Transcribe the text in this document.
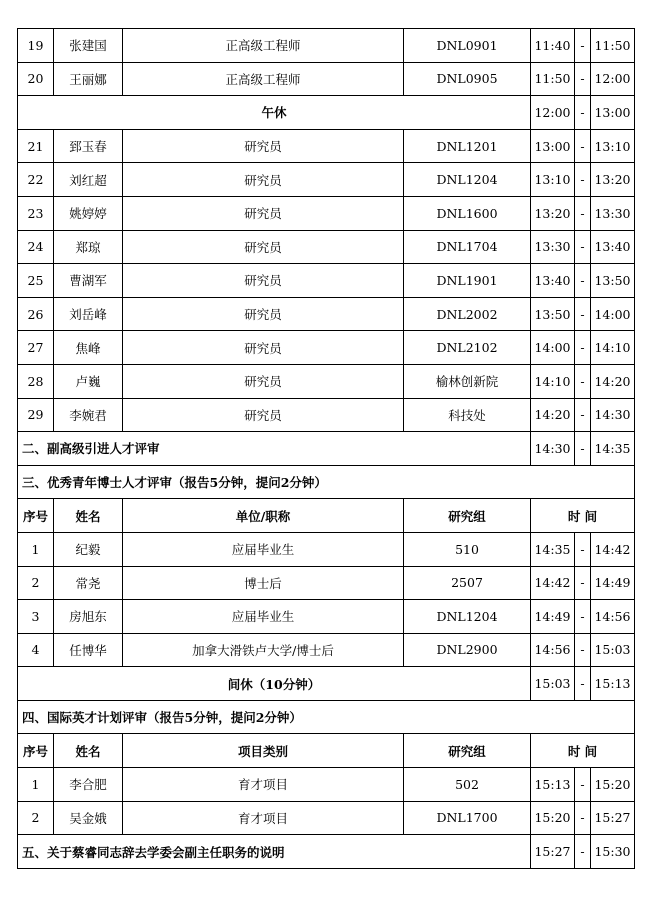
19	张建国	正高级工程师	DNL0901	11:40	-	11:50
20	王丽娜	正高级工程师	DNL0905	11:50	-	12:00
午休				12:00	-	13:00
21	郅玉春	研究员	DNL1201	13:00	-	13:10
22	刘红超	研究员	DNL1204	13:10	-	13:20
23	姚婷婷	研究员	DNL1600	13:20	-	13:30
24	郑琼	研究员	DNL1704	13:30	-	13:40
25	曹湖军	研究员	DNL1901	13:40	-	13:50
26	刘岳峰	研究员	DNL2002	13:50	-	14:00
27	焦峰	研究员	DNL2102	14:00	-	14:10
28	卢巍	研究员	榆林创新院	14:10	-	14:20
29	李婉君	研究员	科技处	14:20	-	14:30
二、副高级引进人才评审				14:30	-	14:35
三、优秀青年博士人才评审（报告5分钟，提问2分钟）						
序号	姓名	单位/职称	研究组	时 间		
1	纪毅	应届毕业生	510	14:35	-	14:42
2	常尧	博士后	2507	14:42	-	14:49
3	房旭东	应届毕业生	DNL1204	14:49	-	14:56
4	任博华	加拿大滑铁卢大学/博士后	DNL2900	14:56	-	15:03
间休（10分钟）				15:03	-	15:13
四、国际英才计划评审（报告5分钟，提问2分钟）						
序号	姓名	项目类别	研究组	时 间		
1	李合肥	育才项目	502	15:13	-	15:20
2	吴金娥	育才项目	DNL1700	15:20	-	15:27
五、关于蔡睿同志辞去学委会副主任职务的说明				15:27	-	15:30
